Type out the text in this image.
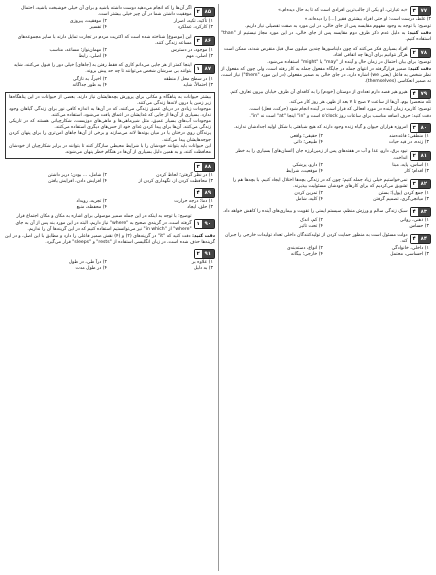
۷۷
۳
«به عبارتی، او یکی از جالب‌ترین افرادی است که تا به حال دیده‌ام.»
۳) غلط، درست است: او حتی افراد بیشتری فقیر [...] را دیده‌اند.»
توضیح: با توجه به وجود مفهوم مقایسه پس از جای خالی، در این مورد به صفت تفضیلی نیاز داریم.
دقت کنید: به دلیل عدم ذکر طرف دوم مقایسه پس از جای خالی، در این مورد مجاز نیستیم از "than" استفاده کنیم.
۷۸
۲
افراد بسیاری فکر می‌کنند که چون دایناسورها چندین میلیون سال قبل منقرض شدند، ممکن است هرگز نتوانیم برای آن‌ها چه اتفاقی افتاد.
توضیح: برای بیان احتمال در زمان حال و آینده از "may" یا "might" استفاده می‌شود.
دقت کنید: ضمیر قرارگرفته در انتهای جمله در جایگاه مفعول جمله به کار رفته است، ولی چون که مفعول از نظر شخص به فاعل (یعنی we) اشاره دارد، در جای خالی به ضمیر مفعولی (در این مورد "them") نیاز است، نه ضمیر انعکاسی (themselves).
۷۹
۴
هیرو هیر قصد دارم تعدادی از دوستان [خودم] را به کافه‌ای آن طرف خیابان بیرون تعارف کنم.
تله منحصرا بوم، آن‌ها از ساعت ۷ صبح تا ۷ بعد از ظهر، هر روز کار می‌کند.
توضیح: کاربرد زمان آینده در مورد افعالی که قرار است در آینده انجام شود (حرکت، فعل) است.
دقت کنید: حرف اضافه مناسب برای ساعات روز o'clock است و "in" اینجا "at" است نه "in".
۸۰
۳
امروزه هزاران حیوان و گیاه زنده وجود دارند که هیچ شباهتی با شکل اولیه اجدادشان ندارند.
۱) منطقی؛ قاعده‌مند
۲) حقیقی؛ واقعی
۳) زنده، در قید حیات
۴) طبیعی؛ ذاتی
۸۱
۲
نیود برق، دارو، غذا و آب در هفته‌های پس از زمین‌لرزه جان [انسان‌های] بسیاری را به خطر انداخت.
۱) اساس، پایه، مبنا
۲) دارو، پزشکی
۳) اقدام؛ کار
۴) موقعیت، شرایط
۸۲
۳
نمی‌خواستیم خیلی زیاد جمله کنیم؛ چون که در زندگی بچه‌ها اختلال ایجاد کنیم. با بچه‌ها هم را تشویق می‌کردیم که برای کارهای خودشان مسئولیت بپذیرند.
۱) جمع کردن (پول)؛ بستن
۲) تمرین کردن
۳) میانجی‌گری، تصمیم گرفتن
۴) کلیه، شامل
۸۳
۴
سبک زندگی سالم و ورزش منظم، سیستم ایمنی را تقویت و بیماری‌های آینده را کاهش خواهد داد.
۱) ذهنی، روانی
۲) کم، اندک
۳) حساس
۴) تحت تاثیر
۸۴
۴
دولت مسئول است به منظور حمایت کردن از تولیدکنندگان داخلی تعداد تولیدات خارجی را جبران کند.
۱) داخلی، خانوادگی
۲) انواع، دسته‌بندی
۳) احساسی، محتمل
۴) خارجی؛ بیگانه
۸۵
۲
اگر آن‌ها را که انجام می‌دهید دوست داشته باشید و برای آن خیلی خوشبخت باشید، احتمال موفقیت داشتن شما در آن چیز خیلی بیشتر است.
۱) تأکید، تکیه، اصرار
۲) موفقیت، پیروزی
۳) کارکرد، عملکرد
۴) تفسیر
۸۶
۳
این [موضوع] شناخته شده است که اکثریت مردم در تجارت تمایل دارند با سایر مجموعه‌های مساعد زندگی کنند.
۱) موجود، در دسترس
۲) مهمان‌نواز؛ مساعد، مناسب
۳) اصلی، مهم
۴) اصلی، رابط
۸۷
۱
اینجا کمتر از هر جایی می‌دانم کاری که فقط رفتن به [جاهای] خیلی دور را قبول می‌کنند، شاید بتوانند بی سرشان شخص می‌توانند تا چه حد پیش بروند.
۱) در سطح محل / منطقه
۲) اخیراً، به تازگی
۳) احتمالاً، شاید
۴) به طور جداگانه

بیشتر حیوانات به پناهگاه و مکانی برای پرورش بچه‌هایشان نیاز دارند. بعضی از حیوانات در این پناهگاه‌ها زیر زمین یا درون لانه‌ها زندگی می‌کنند.

موجودات زیادی در دریای عمیق زندگی می‌کنند، که در آن‌ها به اندازه کافی نور برای زندگی گیاهان وجود ندارد. بسیاری از آن‌ها از جایی که غذایشان در اعماق یافت می‌شود، استفاده می‌کنند.

موجودات آب‌های بسیار عمیق، مثل شیرماهی‌ها و ماهی‌های دوزیست، شکارچیانی هستند که در تاریکی زندگی می‌کنند. آن‌ها برای پیدا کردن غذای خود از حس‌های دیگری استفاده می‌کنند.

پرندگان روی درختان یا در میان بوته‌ها لانه می‌سازند و برخی از آن‌ها جاهای امن‌تری را برای پنهان کردن جوجه‌هایشان پیدا می‌کنند.

این حیوانات باید بتوانند خودشان را با شرایط محیطی سازگار کنند تا بتوانند در برابر شکارچیان از خودشان محافظت کنند، و به همین دلیل بسیاری از آن‌ها در هنگام خطر پنهان می‌شوند.

۸۸
۳
۱) در نظر گرفتن؛ لحاظ کردن
۲) شامل، ... بودن؛ دربر داشتن
۳) محافظت کردن از، نگهداری کردن از
۴) افزایش دادن، افزایش یافتن
۸۹
۴
۱) دما؛ درجه حرارت
۲) تجربه، رویداد
۳) حلق، ایجاد
۴) محفظه، منبع
۹۰
۱
توضیح: با توجه به اینکه در این جمله ضمیر موصولی برای اشاره به مکان و مکان اجتماع قرار گرفته است، در گزینه‌ی صحیح به "where" نیاز داریم، البته در این مورد بند پس از آن به جای "where" از "in which" نیز می‌توانستیم استفاده کنیم که در این گزینه‌ها آن را نداریم.
دقت کنید: دقت کنید که "it" در گزینه‌های (۲) و (۴) نقش ضمیر فاعلی را دارد و مطابق با این اصل، و در این گزینه‌ها حذف شده است، در زبان انگلیسی استفاده از "rests" و "sleeps" قرار می‌گیرد.
۹۱
۲
۱) علاوه بر
۲) درآ طی، در طول
۳) به دلیل
۴) در طول مدت
